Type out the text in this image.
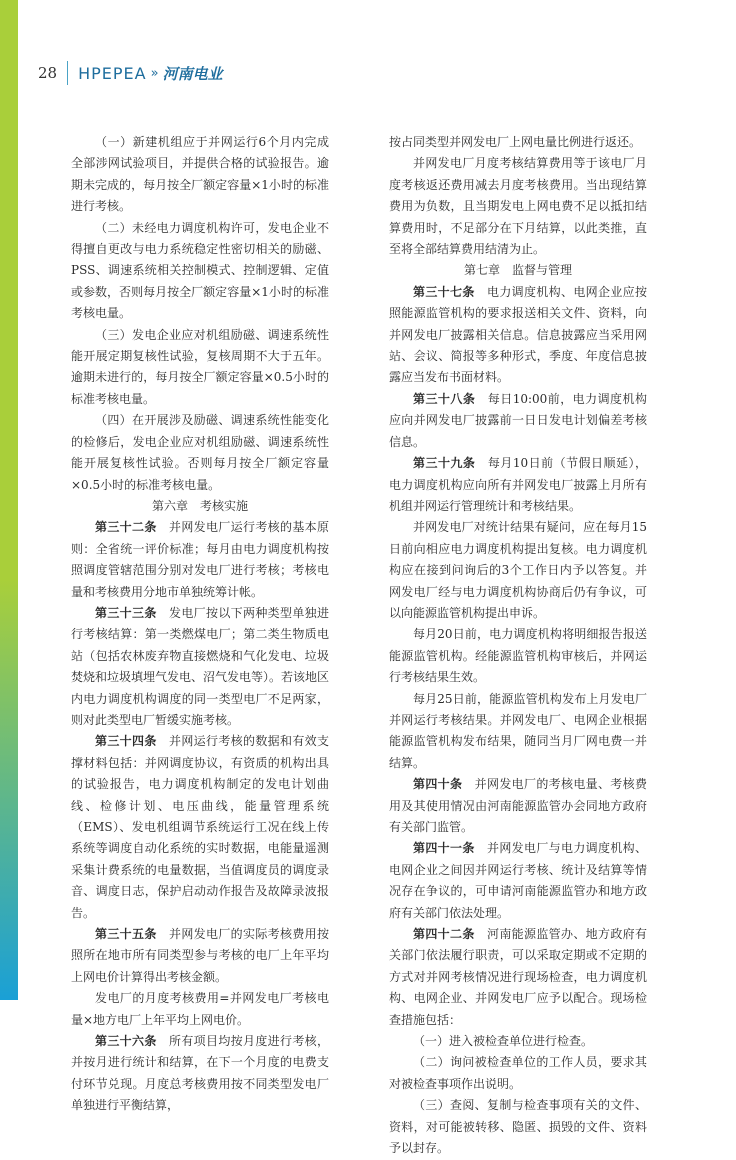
28 HPEPEA » 河南电业

（一）新建机组应于并网运行6个月内完成全部涉网试验项目，并提供合格的试验报告。逾期未完成的，每月按全厂额定容量×1小时的标准进行考核。

（二）未经电力调度机构许可，发电企业不得擅自更改与电力系统稳定性密切相关的励磁、PSS、调速系统相关控制模式、控制逻辑、定值或参数，否则每月按全厂额定容量×1小时的标准考核电量。

（三）发电企业应对机组励磁、调速系统性能开展定期复核性试验，复核周期不大于五年。逾期未进行的，每月按全厂额定容量×0.5小时的标准考核电量。

（四）在开展涉及励磁、调速系统性能变化的检修后，发电企业应对机组励磁、调速系统性能开展复核性试验。否则每月按全厂额定容量×0.5小时的标准考核电量。

第六章　考核实施

第三十二条　并网发电厂运行考核的基本原则：全省统一评价标准；每月由电力调度机构按照调度管辖范围分别对发电厂进行考核；考核电量和考核费用分地市单独统筹计帐。

第三十三条　发电厂按以下两种类型单独进行考核结算：第一类燃煤电厂；第二类生物质电站（包括农林废弃物直接燃烧和气化发电、垃圾焚烧和垃圾填埋气发电、沼气发电等）。若该地区内电力调度机构调度的同一类型电厂不足两家，则对此类型电厂暂缓实施考核。

第三十四条　并网运行考核的数据和有效支撑材料包括：并网调度协议，有资质的机构出具的试验报告，电力调度机构制定的发电计划曲线、检修计划、电压曲线，能量管理系统（EMS）、发电机组调节系统运行工况在线上传系统等调度自动化系统的实时数据，电能量遥测采集计费系统的电量数据，当值调度员的调度录音、调度日志，保护启动动作报告及故障录波报告。

第三十五条　并网发电厂的实际考核费用按照所在地市所有同类型参与考核的电厂上年平均上网电价计算得出考核金额。

发电厂的月度考核费用=并网发电厂考核电量×地方电厂上年平均上网电价。

第三十六条　所有项目均按月度进行考核，并按月进行统计和结算，在下一个月度的电费支付环节兑现。月度总考核费用按不同类型发电厂单独进行平衡结算，

按占同类型并网发电厂上网电量比例进行返还。

并网发电厂月度考核结算费用等于该电厂月度考核返还费用减去月度考核费用。当出现结算费用为负数，且当期发电上网电费不足以抵扣结算费用时，不足部分在下月结算，以此类推，直至将全部结算费用结清为止。

第七章　监督与管理

第三十七条　电力调度机构、电网企业应按照能源监管机构的要求报送相关文件、资料，向并网发电厂披露相关信息。信息披露应当采用网站、会议、简报等多种形式，季度、年度信息披露应当发布书面材料。

第三十八条　每日10:00前，电力调度机构应向并网发电厂披露前一日日发电计划偏差考核信息。

第三十九条　每月10日前（节假日顺延），电力调度机构应向所有并网发电厂披露上月所有机组并网运行管理统计和考核结果。

并网发电厂对统计结果有疑问，应在每月15日前向相应电力调度机构提出复核。电力调度机构应在接到问询后的3个工作日内予以答复。并网发电厂经与电力调度机构协商后仍有争议，可以向能源监管机构提出申诉。

每月20日前，电力调度机构将明细报告报送能源监管机构。经能源监管机构审核后，并网运行考核结果生效。

每月25日前，能源监管机构发布上月发电厂并网运行考核结果。并网发电厂、电网企业根据能源监管机构发布结果，随同当月厂网电费一并结算。

第四十条　并网发电厂的考核电量、考核费用及其使用情况由河南能源监管办会同地方政府有关部门监管。

第四十一条　并网发电厂与电力调度机构、电网企业之间因并网运行考核、统计及结算等情况存在争议的，可申请河南能源监管办和地方政府有关部门依法处理。

第四十二条　河南能源监管办、地方政府有关部门依法履行职责，可以采取定期或不定期的方式对并网考核情况进行现场检查，电力调度机构、电网企业、并网发电厂应予以配合。现场检查措施包括：

（一）进入被检查单位进行检查。

（二）询问被检查单位的工作人员，要求其对被检查事项作出说明。

（三）查阅、复制与检查事项有关的文件、资料，对可能被转移、隐匿、损毁的文件、资料予以封存。
